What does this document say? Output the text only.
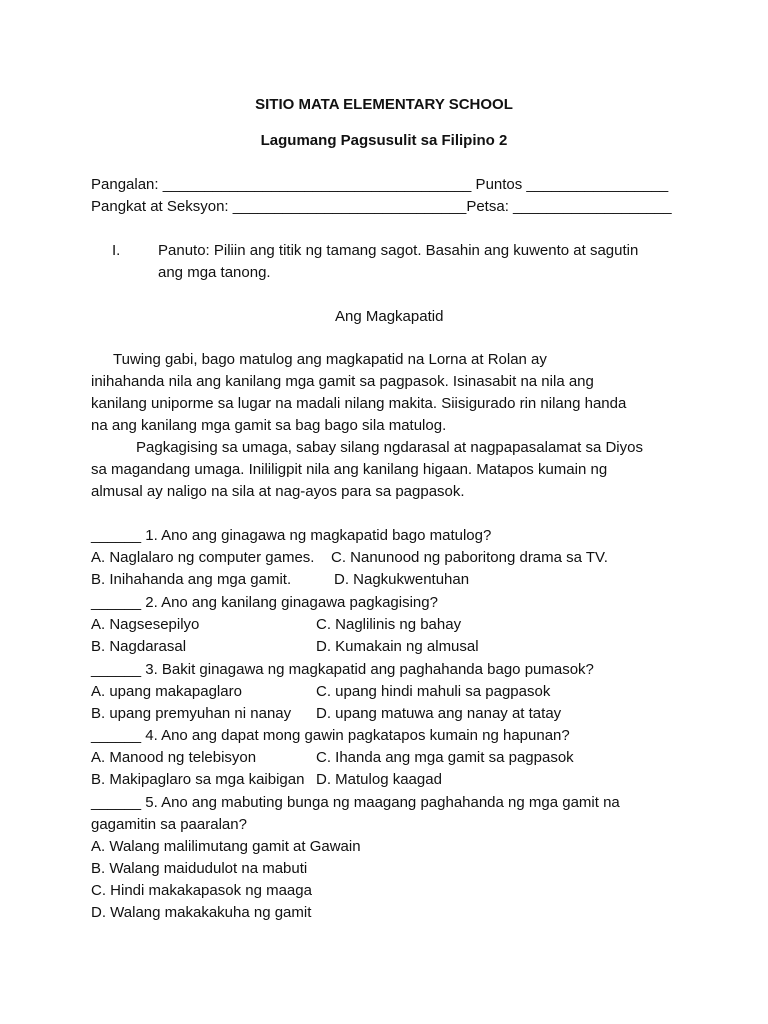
SITIO MATA ELEMENTARY SCHOOL
Lagumang Pagsusulit sa Filipino 2
Pangalan: _____________________________________ Puntos _________________
Pangkat at Seksyon: ____________________________Petsa: ___________________
I.	Panuto: Piliin ang titik ng tamang sagot. Basahin ang kuwento at sagutin
ang mga tanong.
Ang Magkapatid
Tuwing gabi, bago matulog ang magkapatid na Lorna at Rolan ay
inihahanda nila ang kanilang mga gamit sa pagpasok. Isinasabit na nila ang
kanilang uniporme sa lugar na madali nilang makita. Siisigurado rin nilang handa
na ang kanilang mga gamit sa bag bago sila matulog.
Pagkagising sa umaga, sabay silang ngdarasal at nagpapasalamat sa Diyos
sa magandang umaga. Inililigpit nila ang kanilang higaan. Matapos kumain ng
almusal ay naligo na sila at nag-ayos para sa pagpasok.
______ 1. Ano ang ginagawa ng magkapatid bago matulog?
A. Naglalaro ng computer games. C. Nanunood ng paboritong drama sa TV.
B. Inihahanda ang mga gamit.	D. Nagkukwentuhan
______ 2. Ano ang kanilang ginagawa pagkagising?
A. Nagsesepilyo	C. Naglilinis ng bahay
B. Nagdarasal	D. Kumakain ng almusal
______ 3. Bakit ginagawa ng magkapatid ang paghahanda bago pumasok?
A. upang makapaglaro	C. upang hindi mahuli sa pagpasok
B. upang premyuhan ni nanay D. upang matuwa ang nanay at tatay
______ 4. Ano ang dapat mong gawin pagkatapos kumain ng hapunan?
A. Manood ng telebisyon	C. Ihanda ang mga gamit sa pagpasok
B. Makipaglaro sa mga kaibigan D. Matulog kaagad
______ 5. Ano ang mabuting bunga ng maagang paghahanda ng mga gamit na
gagamitin sa paaralan?
A. Walang malilimutang gamit at Gawain
B. Walang maidudulot na mabuti
C. Hindi makakapasok ng maaga
D. Walang makakakuha ng gamit
